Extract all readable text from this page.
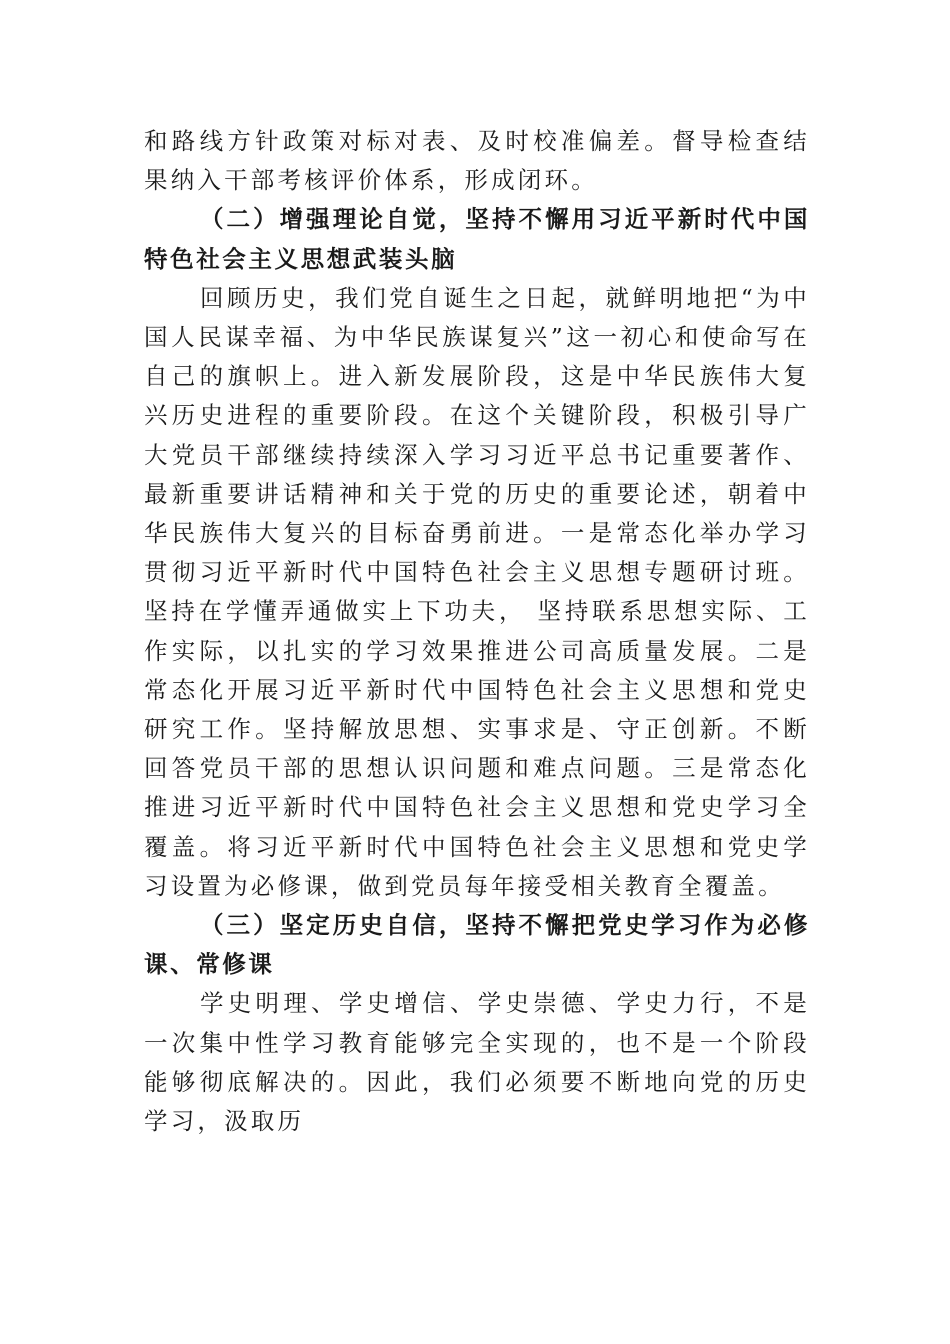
和路线方针政策对标对表、及时校准偏差。督导检查结果纳入干部考核评价体系，形成闭环。

（二）增强理论自觉，坚持不懈用习近平新时代中国特色社会主义思想武装头脑

回顾历史，我们党自诞生之日起，就鲜明地把“为中国人民谋幸福、为中华民族谋复兴”这一初心和使命写在自己的旗帜上。进入新发展阶段，这是中华民族伟大复兴历史进程的重要阶段。在这个关键阶段，积极引导广大党员干部继续持续深入学习习近平总书记重要著作、最新重要讲话精神和关于党的历史的重要论述，朝着中华民族伟大复兴的目标奋勇前进。一是常态化举办学习贯彻习近平新时代中国特色社会主义思想专题研讨班。坚持在学懂弄通做实上下功夫， 坚持联系思想实际、工作实际，以扎实的学习效果推进公司高质量发展。二是常态化开展习近平新时代中国特色社会主义思想和党史研究工作。坚持解放思想、实事求是、守正创新。不断回答党员干部的思想认识问题和难点问题。三是常态化推进习近平新时代中国特色社会主义思想和党史学习全覆盖。将习近平新时代中国特色社会主义思想和党史学习设置为必修课，做到党员每年接受相关教育全覆盖。

（三）坚定历史自信，坚持不懈把党史学习作为必修课、常修课

学史明理、学史增信、学史崇德、学史力行，不是一次集中性学习教育能够完全实现的，也不是一个阶段能够彻底解决的。因此，我们必须要不断地向党的历史学习，汲取历
